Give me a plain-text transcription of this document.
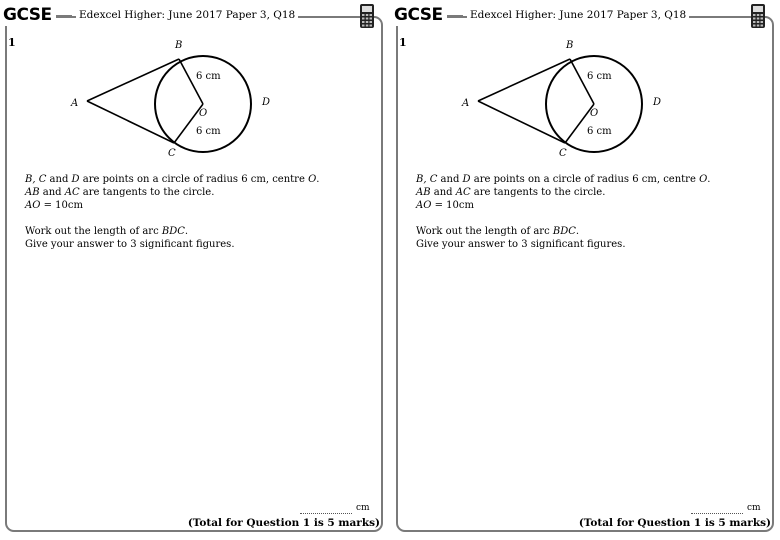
GCSE	Edexcel Higher: June 2017 Paper 3, Q18
1	B
A
O
D
C
6 cm
6 cm
B, C and D are points on a circle of radius 6 cm, centre O.
AB and AC are tangents to the circle.
AO = 10cm
Work out the length of arc BDC.
Give your answer to 3 significant figures.
cm
(Total for Question 1 is 5 marks)
GCSE	Edexcel Higher: June 2017 Paper 3, Q18
1	B
A
O
D
C
6 cm
6 cm
B, C and D are points on a circle of radius 6 cm, centre O.
AB and AC are tangents to the circle.
AO = 10cm
Work out the length of arc BDC.
Give your answer to 3 significant figures.
cm
(Total for Question 1 is 5 marks)
